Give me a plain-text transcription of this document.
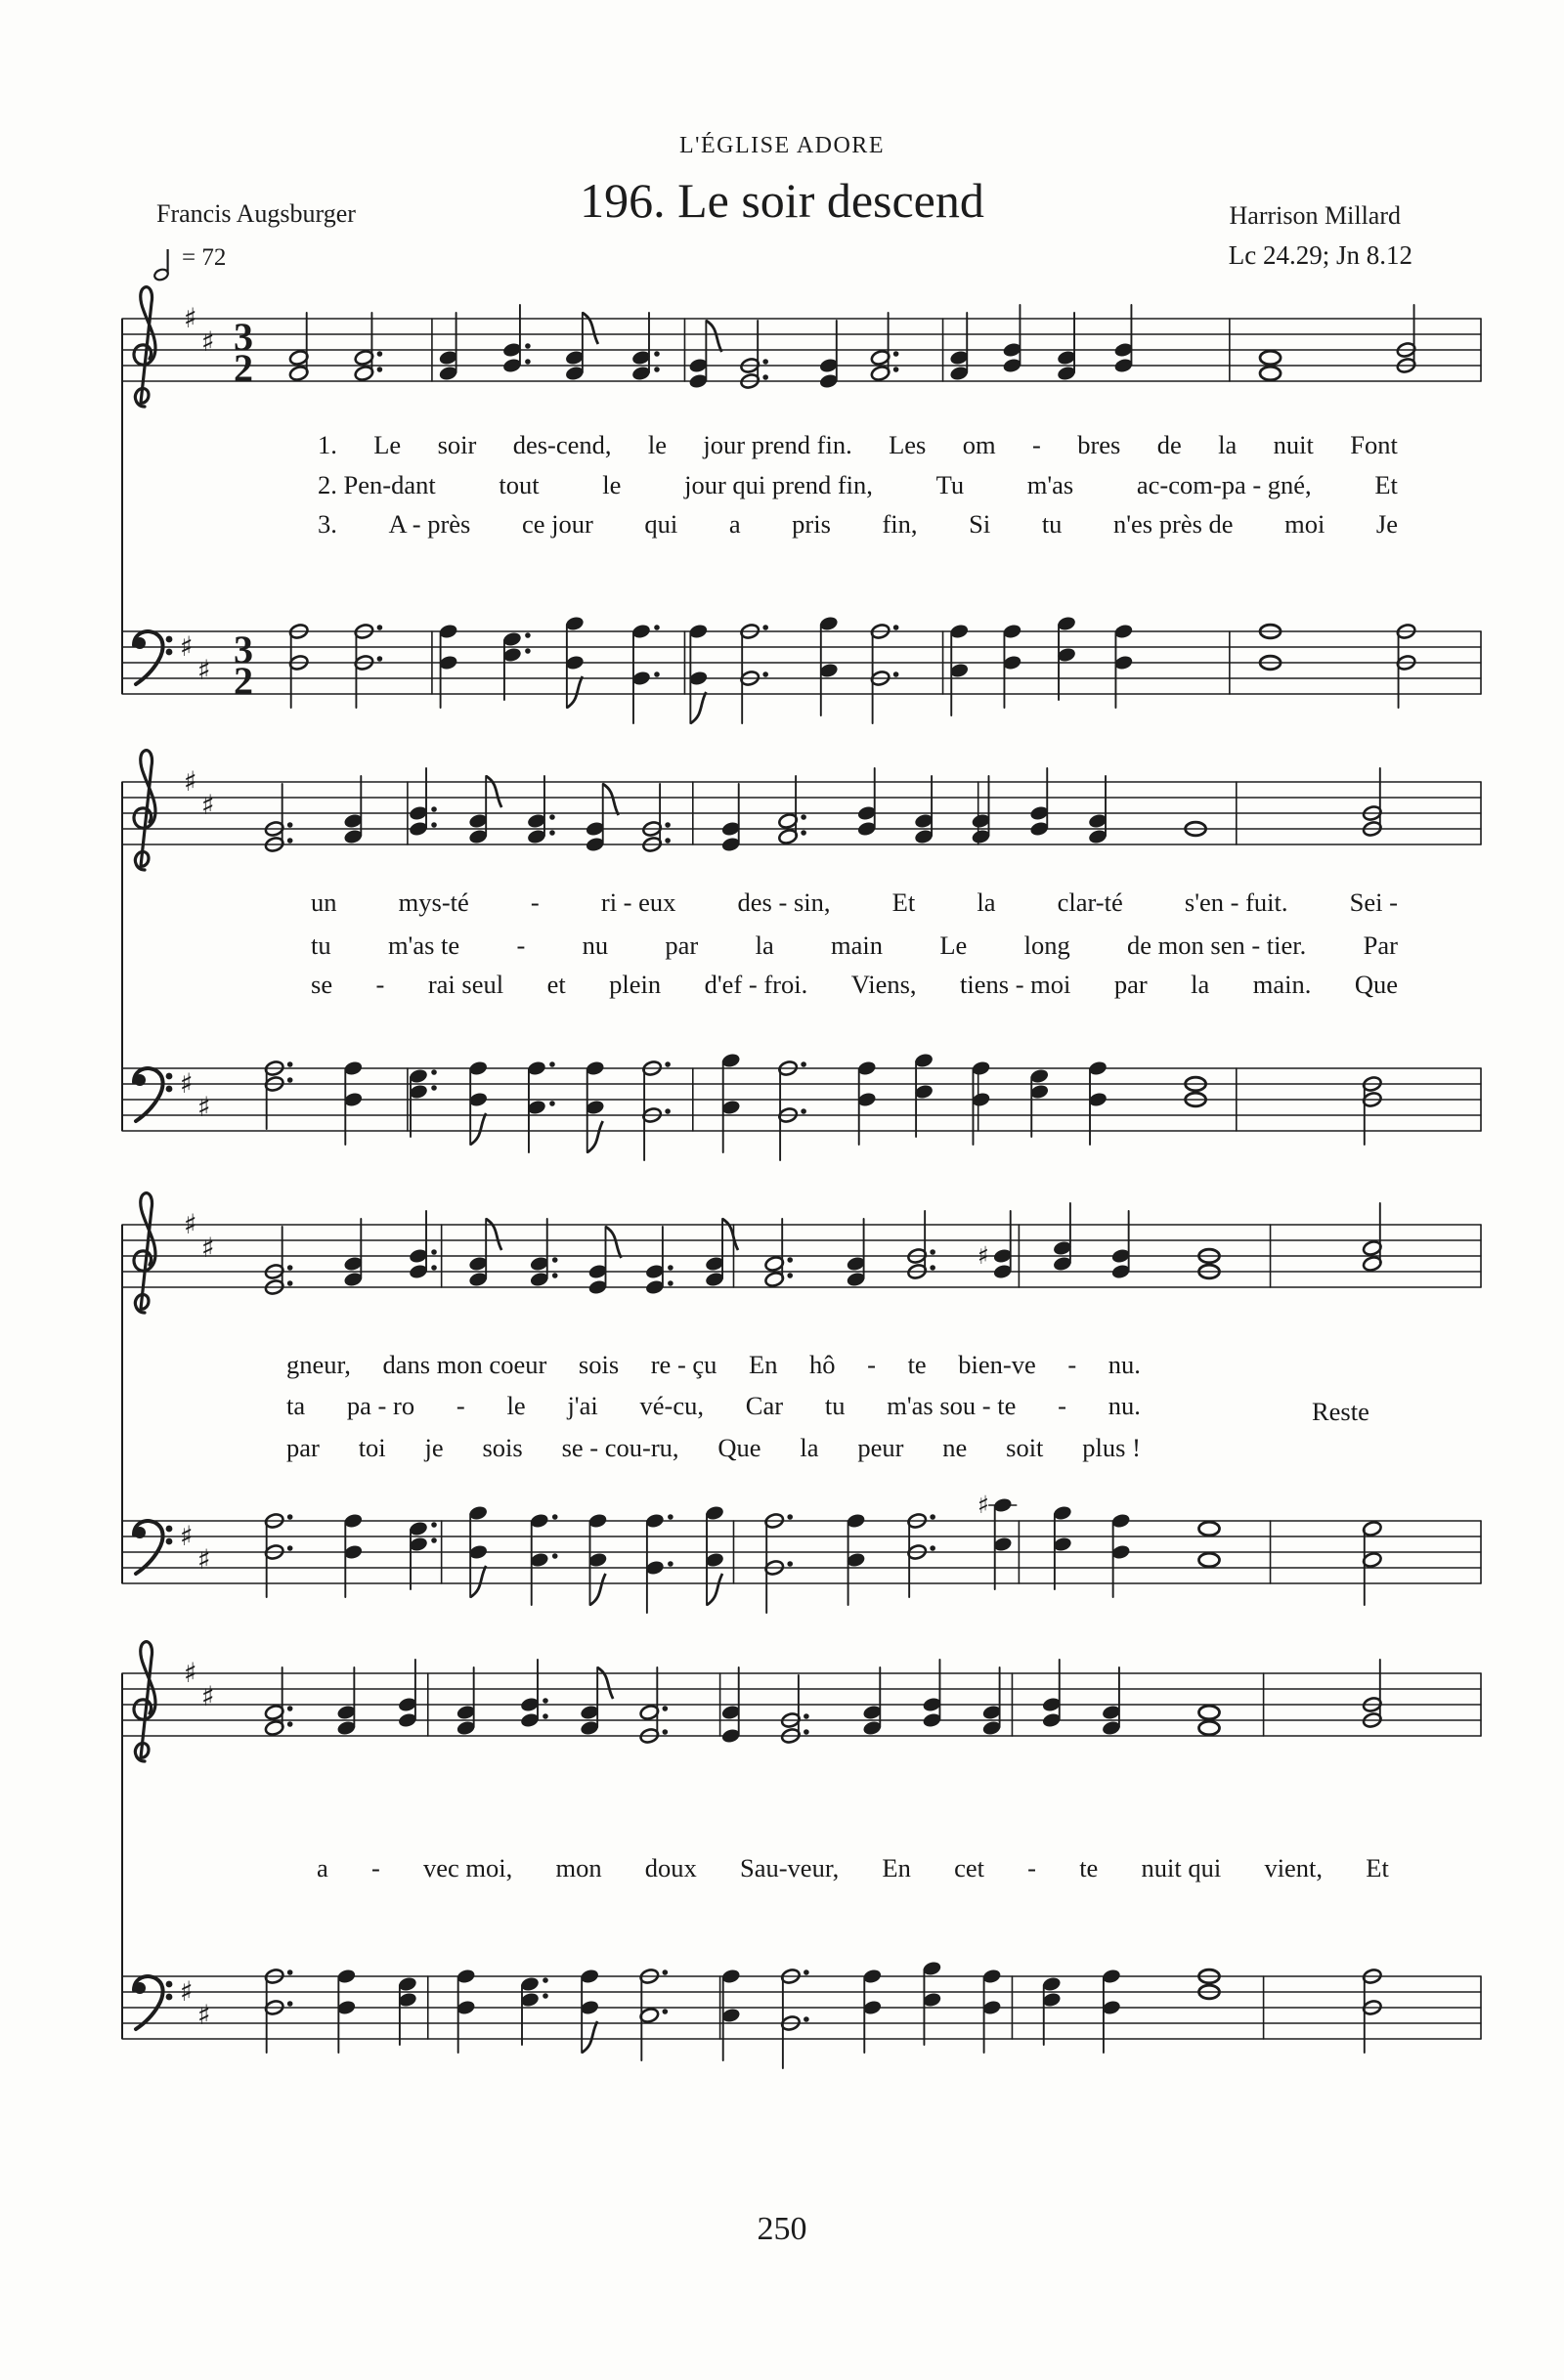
L'ÉGLISE ADORE
196. Le soir descend
Francis Augsburger	Harrison Millard
Lc 24.29; Jn 8.12
= 72
♯
♯ 3
2
♯
♯ 3
2
♯
♯
♯
♯
♯
♯	♯
♯
♯
♯
♯
♯
♯
♯
1. Le soir des-cend, le jour prend fin. Les om - bres de la nuit Font
2. Pen-dant tout le jour qui prend fin, Tu m'as ac-com-pa - gné, Et
3. A - près ce jour qui a pris fin, Si tu n'es près de moi Je
un mys-té - ri - eux des - sin, Et la clar-té s'en - fuit. Sei -
tu m'as te - nu par la main Le long de mon sen - tier. Par
se - rai seul et plein d'ef - froi. Viens, tiens - moi par la main. Que
gneur, dans mon coeur sois re - çu En hô - te bien-ve - nu.
ta pa - ro - le j'ai vé-cu, Car tu m'as sou - te - nu.
par toi je sois se - cou-ru, Que la peur ne soit plus !
Reste
a - vec moi, mon doux Sau-veur, En cet - te nuit qui vient, Et
250
